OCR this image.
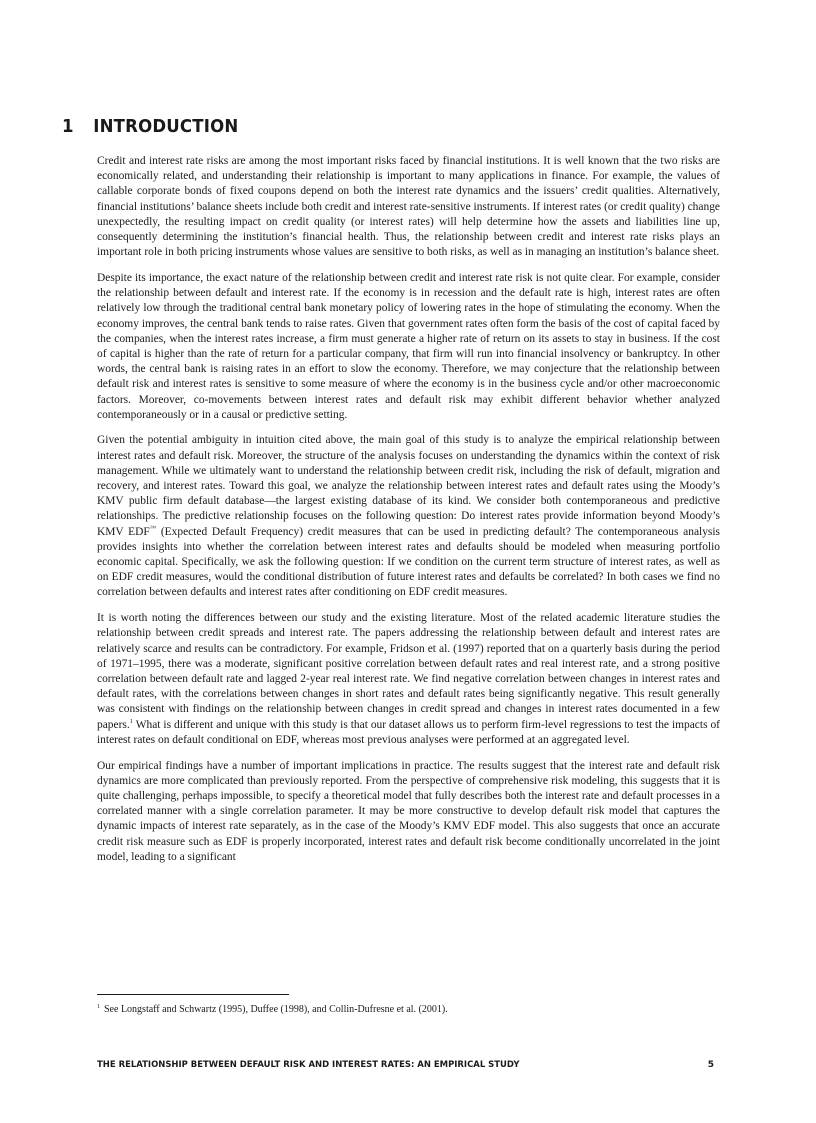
1 INTRODUCTION

Credit and interest rate risks are among the most important risks faced by financial institutions. It is well known that the two risks are economically related, and understanding their relationship is important to many applications in finance. For example, the values of callable corporate bonds of fixed coupons depend on both the interest rate dynamics and the issuers’ credit qualities. Alternatively, financial institutions’ balance sheets include both credit and interest rate-sensitive instruments. If interest rates (or credit quality) change unexpectedly, the resulting impact on credit quality (or interest rates) will help determine how the assets and liabilities line up, consequently determining the institution’s financial health. Thus, the relationship between credit and interest rate risks plays an important role in both pricing instruments whose values are sensitive to both risks, as well as in managing an institution’s balance sheet.

Despite its importance, the exact nature of the relationship between credit and interest rate risk is not quite clear. For example, consider the relationship between default and interest rate. If the economy is in recession and the default rate is high, interest rates are often relatively low through the traditional central bank monetary policy of lowering rates in the hope of stimulating the economy. When the economy improves, the central bank tends to raise rates. Given that government rates often form the basis of the cost of capital faced by the companies, when the interest rates increase, a firm must generate a higher rate of return on its assets to stay in business. If the cost of capital is higher than the rate of return for a particular company, that firm will run into financial insolvency or bankruptcy. In other words, the central bank is raising rates in an effort to slow the economy. Therefore, we may conjecture that the relationship between default risk and interest rates is sensitive to some measure of where the economy is in the business cycle and/or other macroeconomic factors. Moreover, co-movements between interest rates and default risk may exhibit different behavior whether analyzed contemporaneously or in a causal or predictive setting.

Given the potential ambiguity in intuition cited above, the main goal of this study is to analyze the empirical relationship between interest rates and default risk. Moreover, the structure of the analysis focuses on understanding the dynamics within the context of risk management. While we ultimately want to understand the relationship between credit risk, including the risk of default, migration and recovery, and interest rates. Toward this goal, we analyze the relationship between interest rates and default rates using the Moody’s KMV public firm default database—the largest existing database of its kind. We consider both contemporaneous and predictive relationships. The predictive relationship focuses on the following question: Do interest rates provide information beyond Moody’s KMV EDF™ (Expected Default Frequency) credit measures that can be used in predicting default? The contemporaneous analysis provides insights into whether the correlation between interest rates and defaults should be modeled when measuring portfolio economic capital. Specifically, we ask the following question: If we condition on the current term structure of interest rates, as well as on EDF credit measures, would the conditional distribution of future interest rates and defaults be correlated? In both cases we find no correlation between defaults and interest rates after conditioning on EDF credit measures.

It is worth noting the differences between our study and the existing literature. Most of the related academic literature studies the relationship between credit spreads and interest rate. The papers addressing the relationship between default and interest rates are relatively scarce and results can be contradictory. For example, Fridson et al. (1997) reported that on a quarterly basis during the period of 1971–1995, there was a moderate, significant positive correlation between default rates and real interest rate, and a strong positive correlation between default rate and lagged 2-year real interest rate. We find negative correlation between changes in interest rates and default rates, with the correlations between changes in short rates and default rates being significantly negative. This result generally was consistent with findings on the relationship between changes in credit spread and changes in interest rates documented in a few papers.$^1$ What is different and unique with this study is that our dataset allows us to perform firm-level regressions to test the impacts of interest rates on default conditional on EDF, whereas most previous analyses were performed at an aggregated level.

Our empirical findings have a number of important implications in practice. The results suggest that the interest rate and default risk dynamics are more complicated than previously reported. From the perspective of comprehensive risk modeling, this suggests that it is quite challenging, perhaps impossible, to specify a theoretical model that fully describes both the interest rate and default processes in a correlated manner with a single correlation parameter. It may be more constructive to develop default risk model that captures the dynamic impacts of interest rate separately, as in the case of the Moody’s KMV EDF model. This also suggests that once an accurate credit risk measure such as EDF is properly incorporated, interest rates and default risk become conditionally uncorrelated in the joint model, leading to a significant

$^1$ See Longstaff and Schwartz (1995), Duffee (1998), and Collin-Dufresne et al. (2001).
THE RELATIONSHIP BETWEEN DEFAULT RISK AND INTEREST RATES: AN EMPIRICAL STUDY	5
